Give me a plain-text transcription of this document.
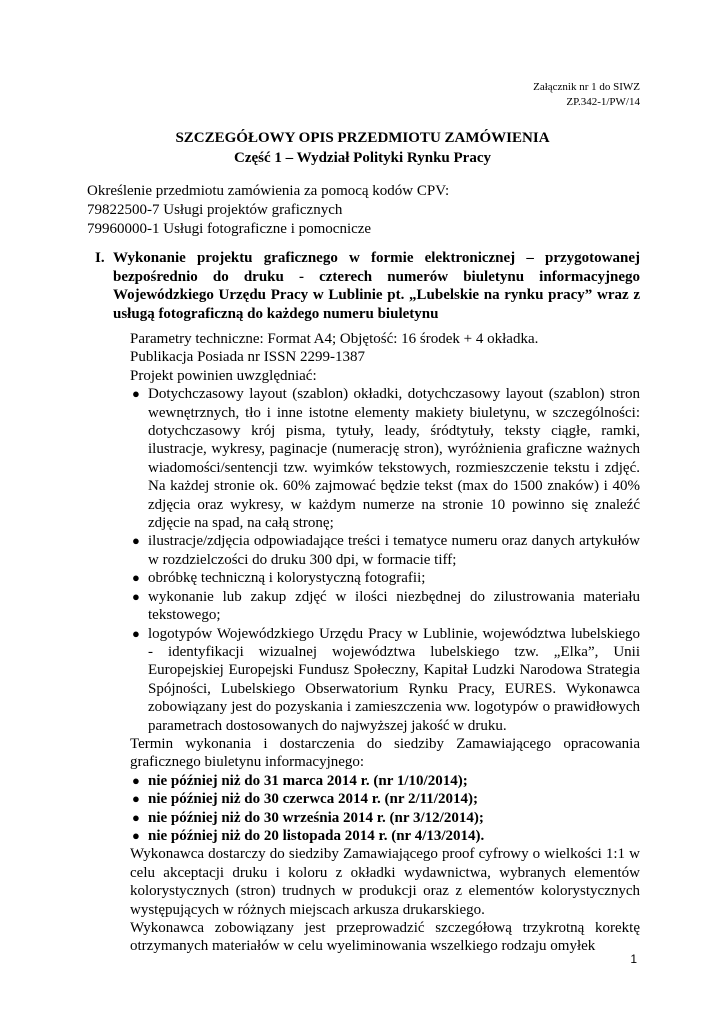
Załącznik nr 1 do SIWZ
ZP.342-1/PW/14
SZCZEGÓŁOWY OPIS PRZEDMIOTU ZAMÓWIENIA
Część 1 – Wydział Polityki Rynku Pracy
Określenie przedmiotu zamówienia za pomocą kodów CPV:
79822500-7 Usługi projektów graficznych
79960000-1 Usługi fotograficzne i pomocnicze
I. Wykonanie projektu graficznego w formie elektronicznej – przygotowanej bezpośrednio do druku - czterech numerów biuletynu informacyjnego Wojewódzkiego Urzędu Pracy w Lublinie pt. „Lubelskie na rynku pracy” wraz z usługą fotograficzną do każdego numeru biuletynu

Parametry techniczne: Format A4; Objętość: 16 środek + 4 okładka.

Publikacja Posiada nr ISSN 2299-1387

Projekt powinien uwzględniać:

● Dotychczasowy layout (szablon) okładki, dotychczasowy layout (szablon) stron wewnętrznych, tło i inne istotne elementy makiety biuletynu, w szczególności: dotychczasowy krój pisma, tytuły, leady, śródtytuły, teksty ciągłe, ramki, ilustracje, wykresy, paginacje (numerację stron), wyróżnienia graficzne ważnych wiadomości/sentencji tzw. wyimków tekstowych, rozmieszczenie tekstu i zdjęć. Na każdej stronie ok. 60% zajmować będzie tekst (max do 1500 znaków) i 40% zdjęcia oraz wykresy, w każdym numerze na stronie 10 powinno się znaleźć zdjęcie na spad, na całą stronę;
● ilustracje/zdjęcia odpowiadające treści i tematyce numeru oraz danych artykułów w rozdzielczości do druku 300 dpi, w formacie tiff;
● obróbkę techniczną i kolorystyczną fotografii;
● wykonanie lub zakup zdjęć w ilości niezbędnej do zilustrowania materiału tekstowego;
● logotypów Wojewódzkiego Urzędu Pracy w Lublinie, województwa lubelskiego - identyfikacji wizualnej województwa lubelskiego tzw. „Elka”, Unii Europejskiej Europejski Fundusz Społeczny, Kapitał Ludzki Narodowa Strategia Spójności, Lubelskiego Obserwatorium Rynku Pracy, EURES. Wykonawca zobowiązany jest do pozyskania i zamieszczenia ww. logotypów o prawidłowych parametrach dostosowanych do najwyższej jakość w druku.

Termin wykonania i dostarczenia do siedziby Zamawiającego opracowania graficznego biuletynu informacyjnego:

● nie później niż do 31 marca 2014 r. (nr 1/10/2014);
● nie później niż do 30 czerwca 2014 r. (nr 2/11/2014);
● nie później niż do 30 września 2014 r. (nr 3/12/2014);
● nie później niż do 20 listopada 2014 r. (nr 4/13/2014).

Wykonawca dostarczy do siedziby Zamawiającego proof cyfrowy o wielkości 1:1 w celu akceptacji druku i koloru z okładki wydawnictwa, wybranych elementów kolorystycznych (stron) trudnych w produkcji oraz z elementów kolorystycznych występujących w różnych miejscach arkusza drukarskiego.

Wykonawca zobowiązany jest przeprowadzić szczegółową trzykrotną korektę otrzymanych materiałów w celu wyeliminowania wszelkiego rodzaju omyłek

1
